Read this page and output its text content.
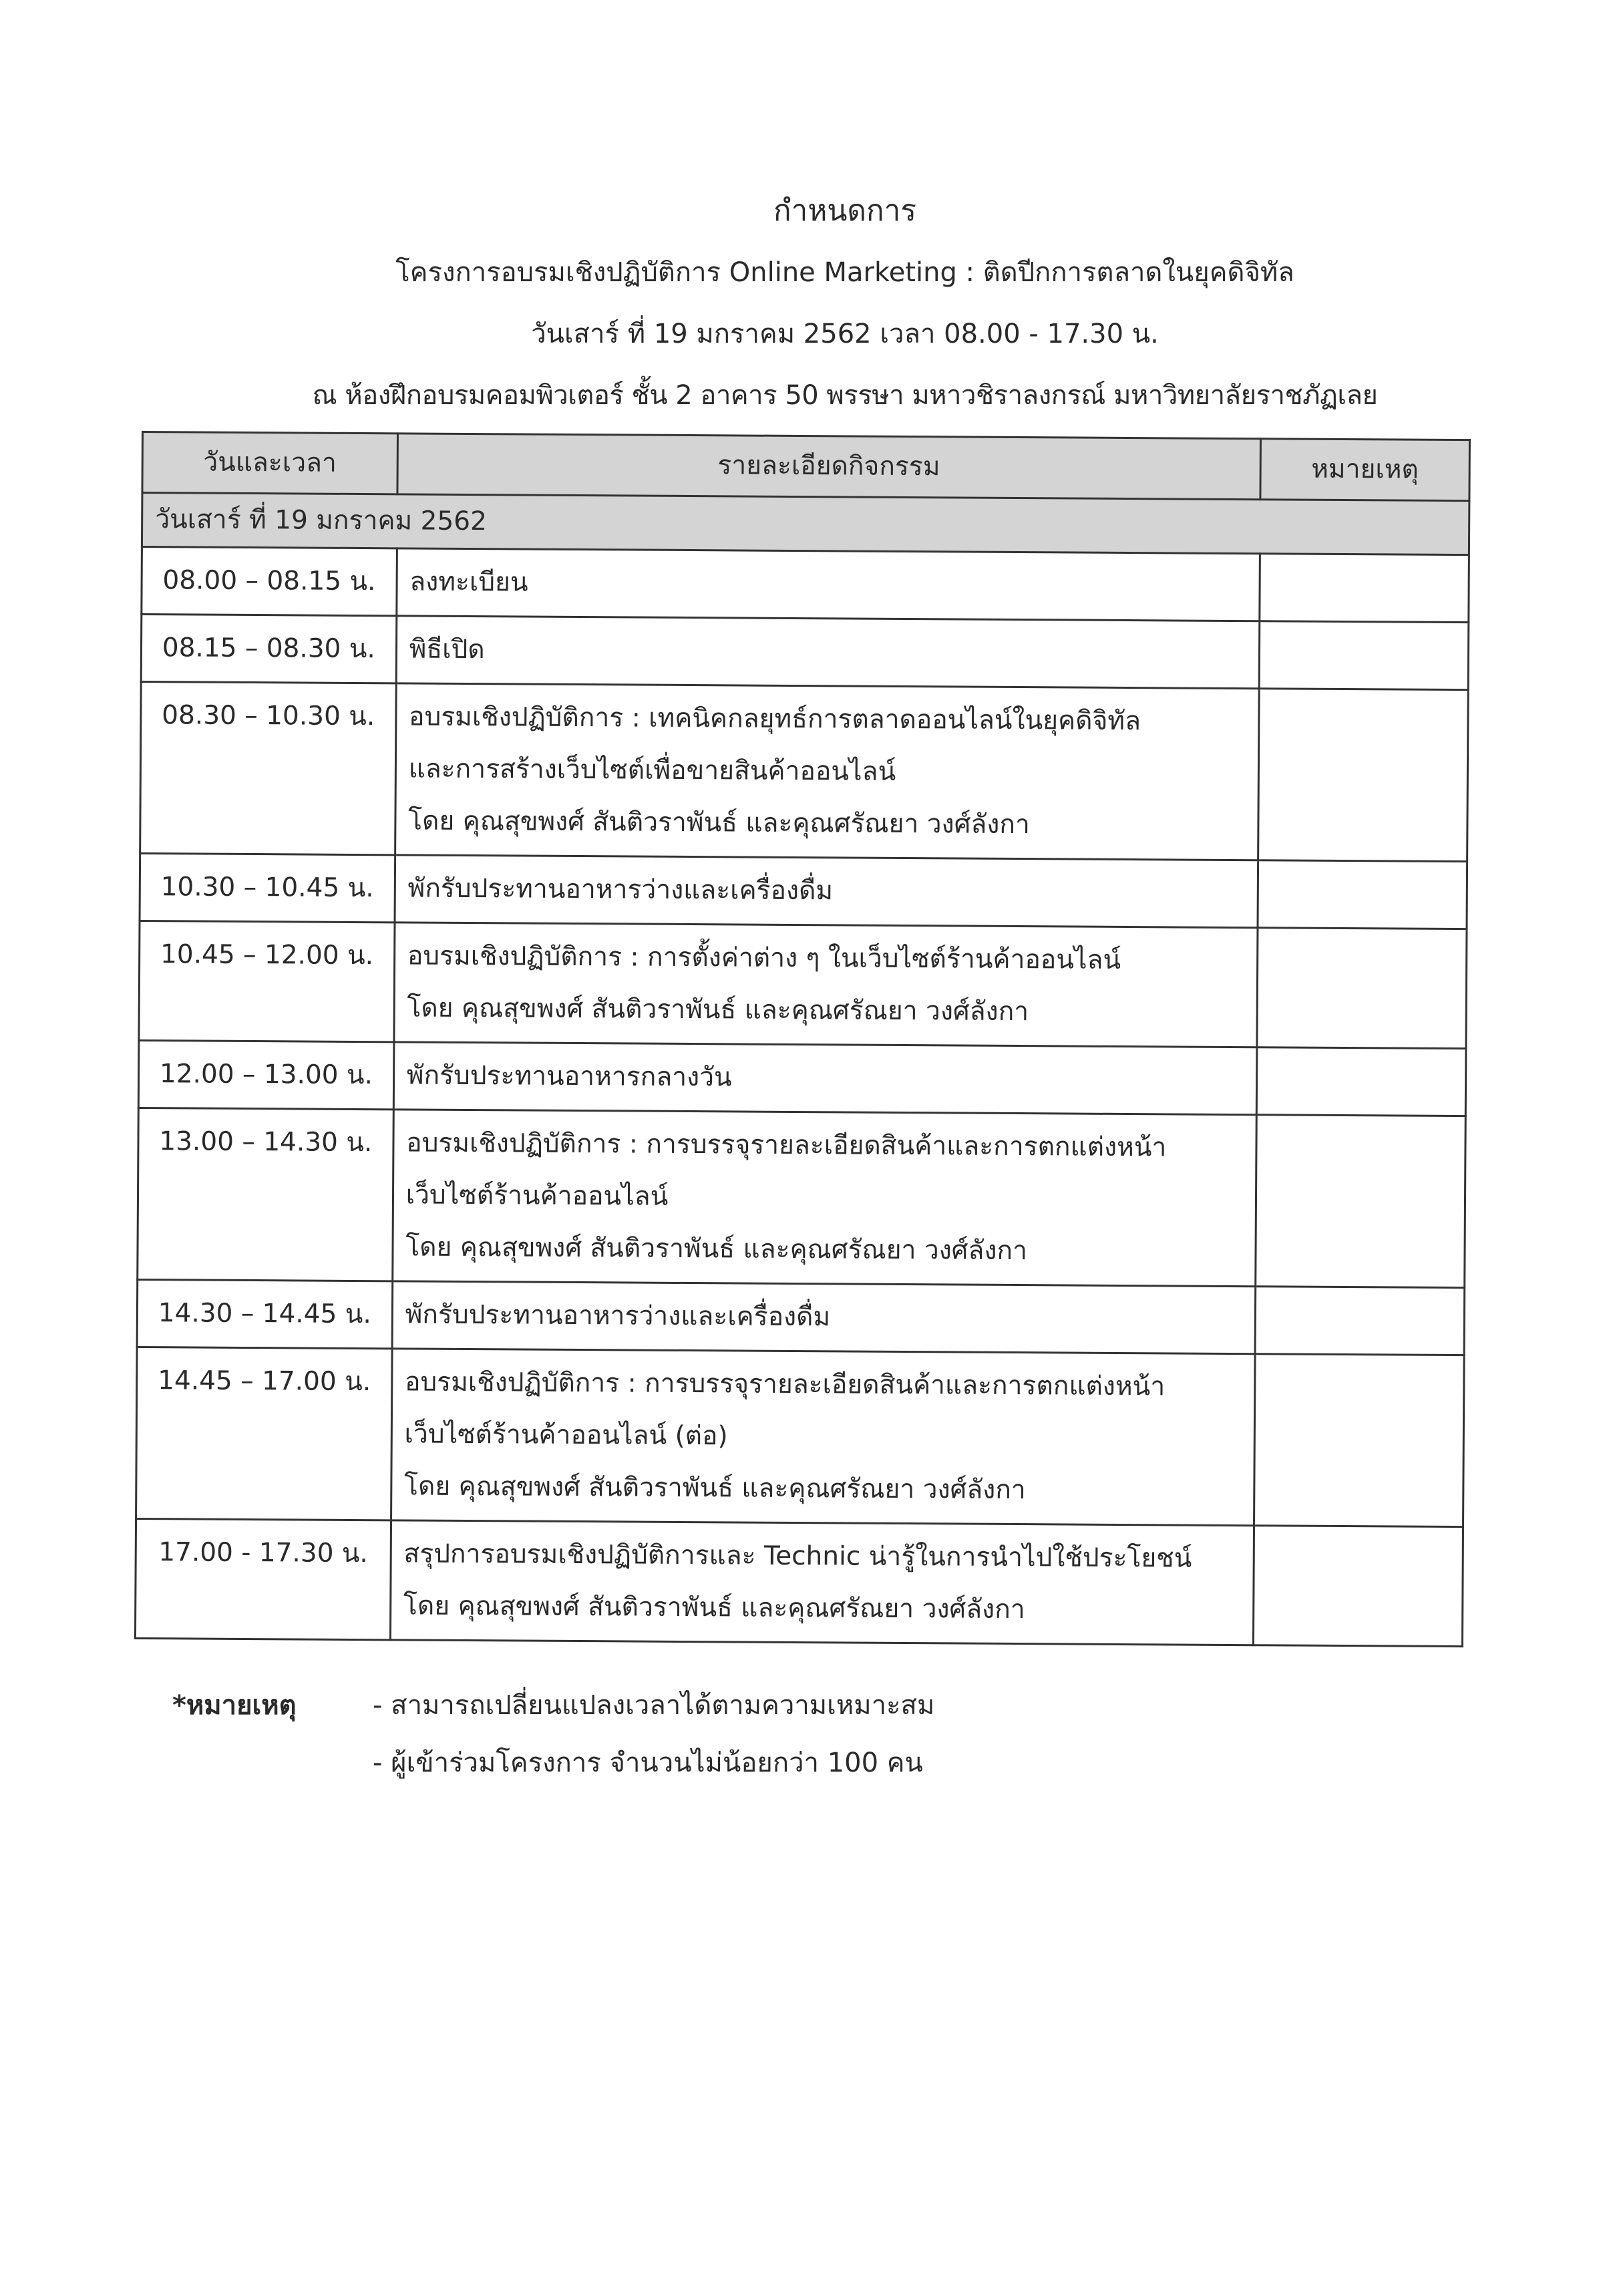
กำหนดการ
โครงการอบรมเชิงปฏิบัติการ Online Marketing : ติดปีกการตลาดในยุคดิจิทัล
วันเสาร์ ที่ 19 มกราคม 2562 เวลา 08.00 - 17.30 น.
ณ ห้องฝึกอบรมคอมพิวเตอร์ ชั้น 2 อาคาร 50 พรรษา มหาวชิราลงกรณ์ มหาวิทยาลัยราชภัฏเลย
วันและเวลา	รายละเอียดกิจกรรม	หมายเหตุ
วันเสาร์ ที่ 19 มกราคม 2562		
08.00 – 08.15 น.	ลงทะเบียน	

08.15 – 08.30 น.	พิธีเปิด	

08.30 – 10.30 น.	อบรมเชิงปฏิบัติการ : เทคนิคกลยุทธ์การตลาดออนไลน์ในยุคดิจิทัล
และการสร้างเว็บไซต์เพื่อขายสินค้าออนไลน์
โดย คุณสุขพงศ์ สันติวราพันธ์ และคุณศรัณยา วงศ์ลังกา	

10.30 – 10.45 น.	พักรับประทานอาหารว่างและเครื่องดื่ม	

10.45 – 12.00 น.	อบรมเชิงปฏิบัติการ : การตั้งค่าต่าง ๆ ในเว็บไซต์ร้านค้าออนไลน์
โดย คุณสุขพงศ์ สันติวราพันธ์ และคุณศรัณยา วงศ์ลังกา	

12.00 – 13.00 น.	พักรับประทานอาหารกลางวัน	

13.00 – 14.30 น.	อบรมเชิงปฏิบัติการ : การบรรจุรายละเอียดสินค้าและการตกแต่งหน้า
เว็บไซต์ร้านค้าออนไลน์
โดย คุณสุขพงศ์ สันติวราพันธ์ และคุณศรัณยา วงศ์ลังกา	

14.30 – 14.45 น.	พักรับประทานอาหารว่างและเครื่องดื่ม	

14.45 – 17.00 น.	อบรมเชิงปฏิบัติการ : การบรรจุรายละเอียดสินค้าและการตกแต่งหน้า
เว็บไซต์ร้านค้าออนไลน์ (ต่อ)
โดย คุณสุขพงศ์ สันติวราพันธ์ และคุณศรัณยา วงศ์ลังกา	

17.00 - 17.30 น.	สรุปการอบรมเชิงปฏิบัติการและ Technic น่ารู้ในการนำไปใช้ประโยชน์
โดย คุณสุขพงศ์ สันติวราพันธ์ และคุณศรัณยา วงศ์ลังกา	

*หมายเหตุ	- สามารถเปลี่ยนแปลงเวลาได้ตามความเหมาะสม
- ผู้เข้าร่วมโครงการ จำนวนไม่น้อยกว่า 100 คน
